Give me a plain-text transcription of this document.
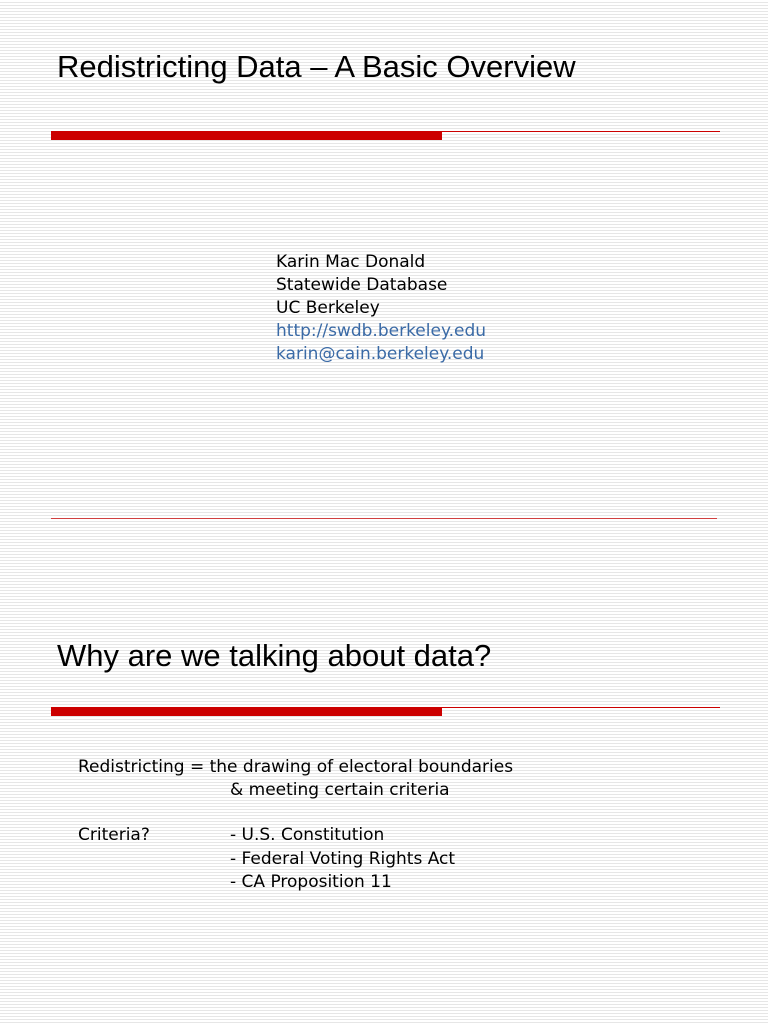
Redistricting Data – A Basic Overview
Karin Mac Donald
Statewide Database
UC Berkeley
http://swdb.berkeley.edu
karin@cain.berkeley.edu
Why are we talking about data?
Redistricting = the drawing of electoral boundaries
& meeting certain criteria
Criteria?	- U.S. Constitution
- Federal Voting Rights Act
- CA Proposition 11
